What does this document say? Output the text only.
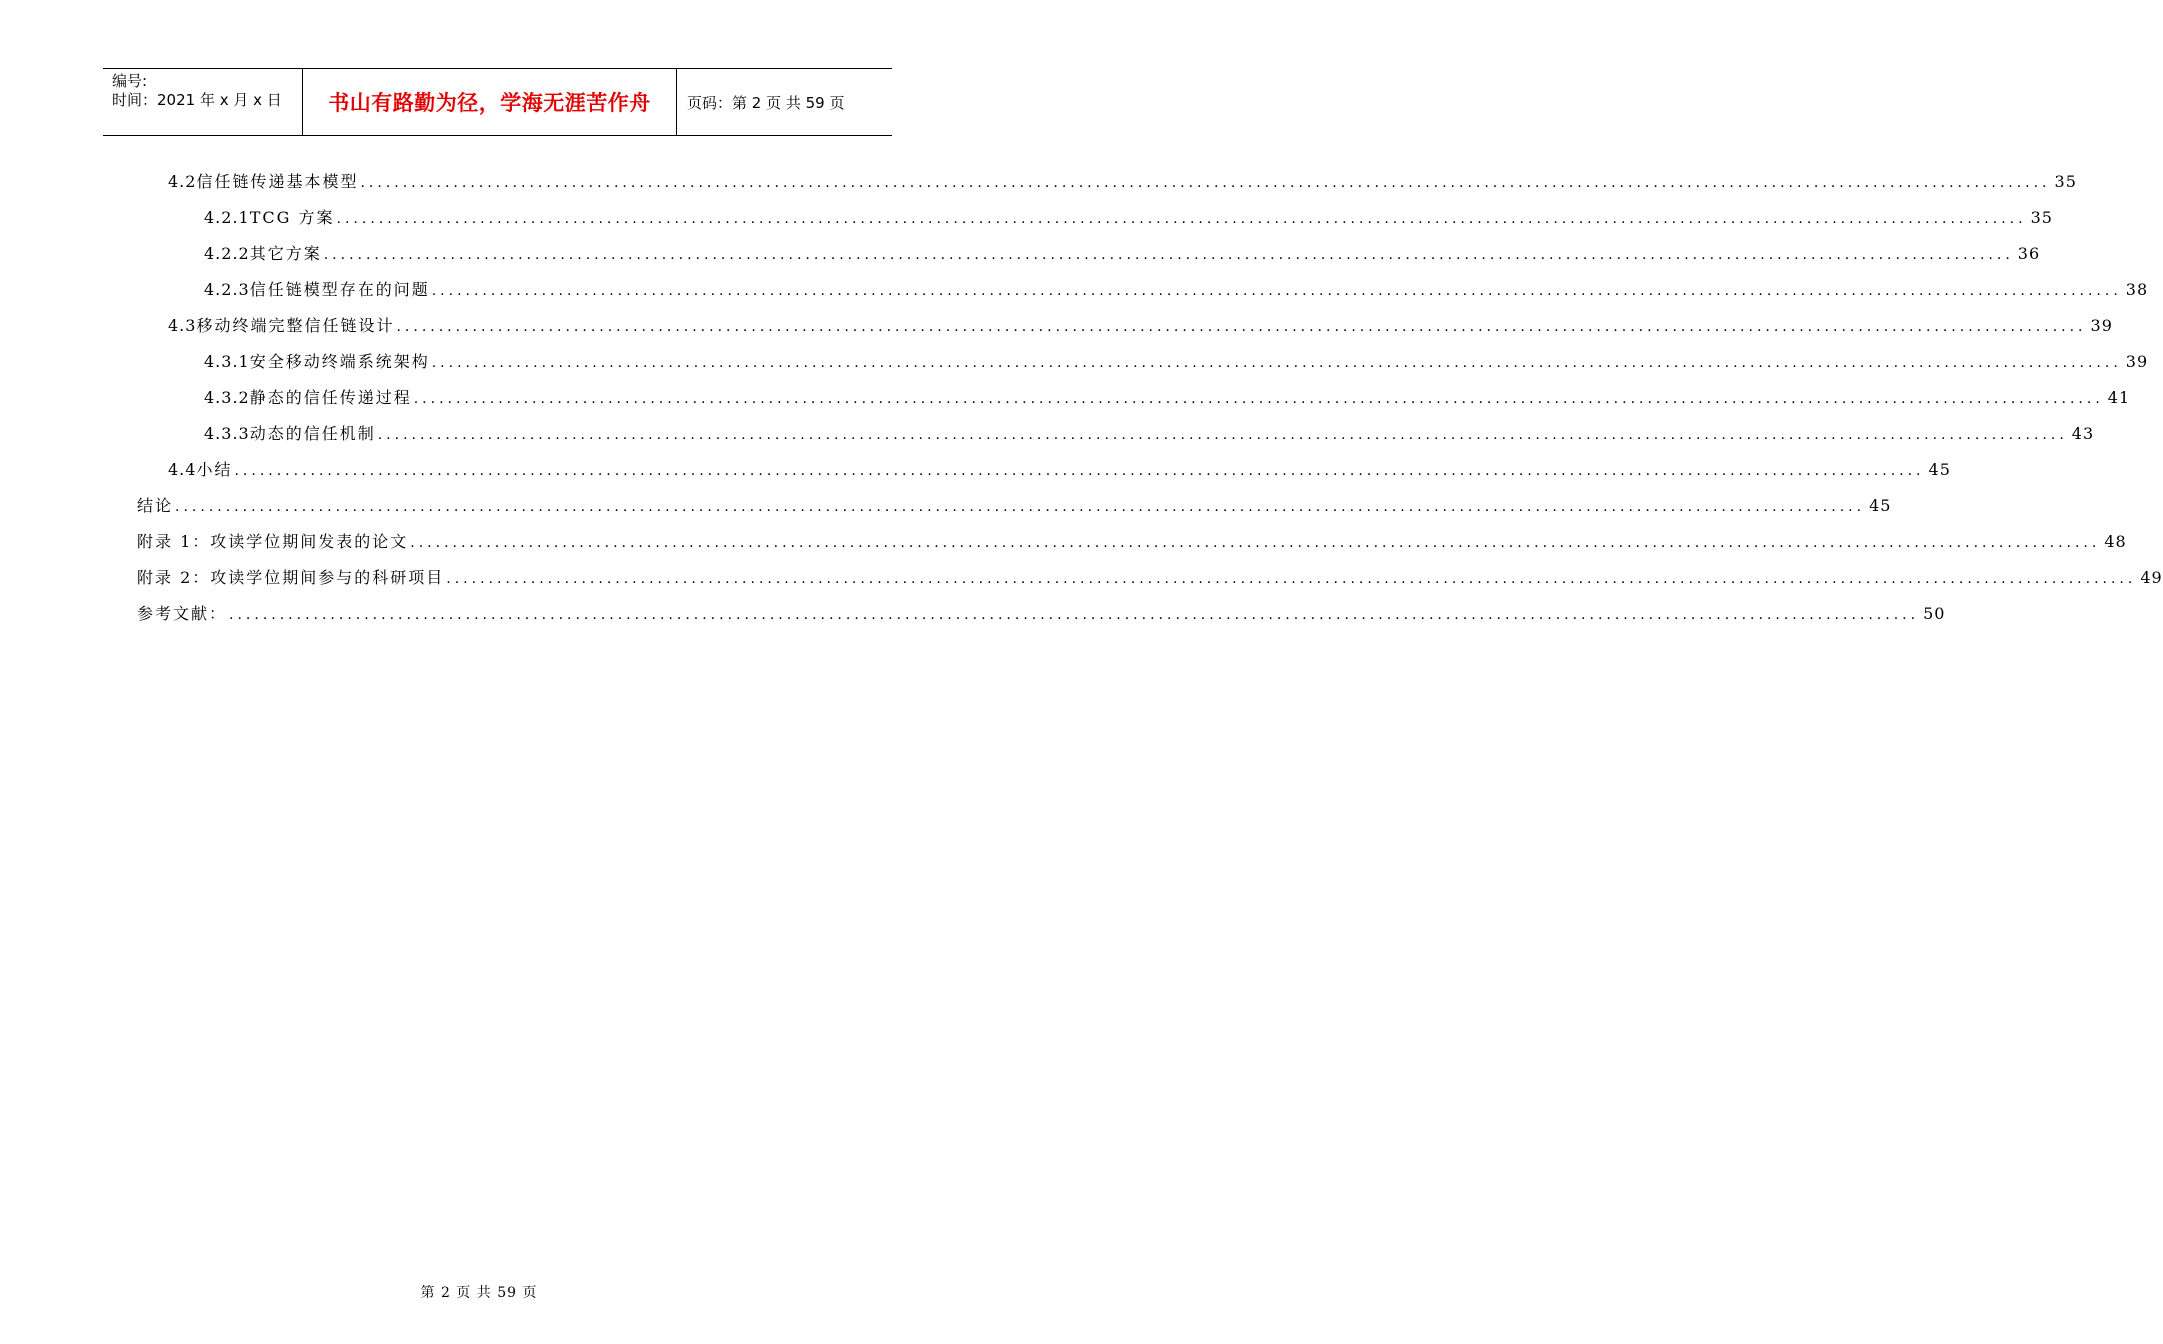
编号:
时间：2021 年 x 月 x 日	书山有路勤为径，学海无涯苦作舟 页码：第 2 页 共 59 页
4.2 信任链传递基本模型 ........................................................................................................................................................................................................ 35
4.2.1 TCG 方案 ........................................................................................................................................................................................................ 35
4.2.2 其它方案 ........................................................................................................................................................................................................ 36
4.2.3 信任链模型存在的问题 ........................................................................................................................................................................................................ 38
4.3 移动终端完整信任链设计 ........................................................................................................................................................................................................ 39
4.3.1 安全移动终端系统架构 ........................................................................................................................................................................................................ 39
4.3.2 静态的信任传递过程 ........................................................................................................................................................................................................ 41
4.3.3 动态的信任机制 ........................................................................................................................................................................................................ 43
4.4 小结 ........................................................................................................................................................................................................ 45
结论 ........................................................................................................................................................................................................ 45
附录 1：攻读学位期间发表的论文 ........................................................................................................................................................................................................ 48
附录 2：攻读学位期间参与的科研项目 ........................................................................................................................................................................................................ 49
参考文献： ........................................................................................................................................................................................................ 50
第 2 页 共 59 页
